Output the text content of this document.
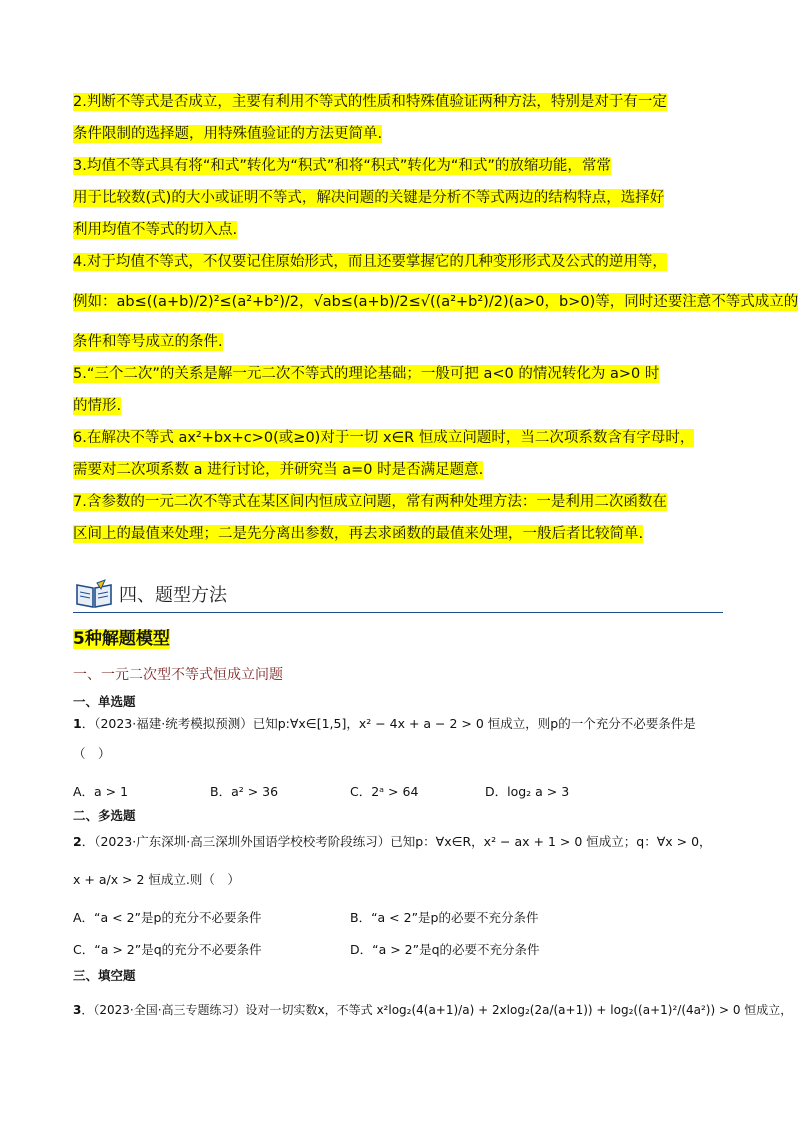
2.判断不等式是否成立，主要有利用不等式的性质和特殊值验证两种方法，特别是对于有一定
条件限制的选择题，用特殊值验证的方法更简单.
3.均值不等式具有将“和式”转化为“积式”和将“积式”转化为“和式”的放缩功能，常常
用于比较数(式)的大小或证明不等式，解决问题的关键是分析不等式两边的结构特点，选择好
利用均值不等式的切入点.
4.对于均值不等式，不仅要记住原始形式，而且还要掌握它的几种变形形式及公式的逆用等，
例如：ab≤((a+b)/2)²≤(a²+b²)/2，√ab≤(a+b)/2≤√((a²+b²)/2)(a>0，b>0)等，同时还要注意不等式成立的
条件和等号成立的条件.
5.“三个二次”的关系是解一元二次不等式的理论基础；一般可把 a<0 的情况转化为 a>0 时
的情形.
6.在解决不等式 ax²+bx+c>0(或≥0)对于一切 x∈R 恒成立问题时，当二次项系数含有字母时，
需要对二次项系数 a 进行讨论，并研究当 a=0 时是否满足题意.
7.含参数的一元二次不等式在某区间内恒成立问题，常有两种处理方法：一是利用二次函数在
区间上的最值来处理；二是先分离出参数，再去求函数的最值来处理，一般后者比较简单.
四、题型方法
5种解题模型
一、一元二次型不等式恒成立问题
一、单选题
1．（2023·福建·统考模拟预测）已知p:∀x∈[1,5]，x² − 4x + a − 2 > 0 恒成立，则p的一个充分不必要条件是
（　）
A．a > 1	B．a² > 36	C．2ᵃ > 64	D．log₂ a > 3
二、多选题
2．（2023·广东深圳·高三深圳外国语学校校考阶段练习）已知p：∀x∈R，x² − ax + 1 > 0 恒成立；q：∀x > 0，
x + a/x > 2 恒成立.则（　）
A．“a < 2”是p的充分不必要条件	B．“a < 2”是p的必要不充分条件
C．“a > 2”是q的充分不必要条件	D．“a > 2”是q的必要不充分条件
三、填空题
3．（2023·全国·高三专题练习）设对一切实数x，不等式 x²log₂(4(a+1)/a) + 2xlog₂(2a/(a+1)) + log₂((a+1)²/(4a²)) > 0 恒成立，
